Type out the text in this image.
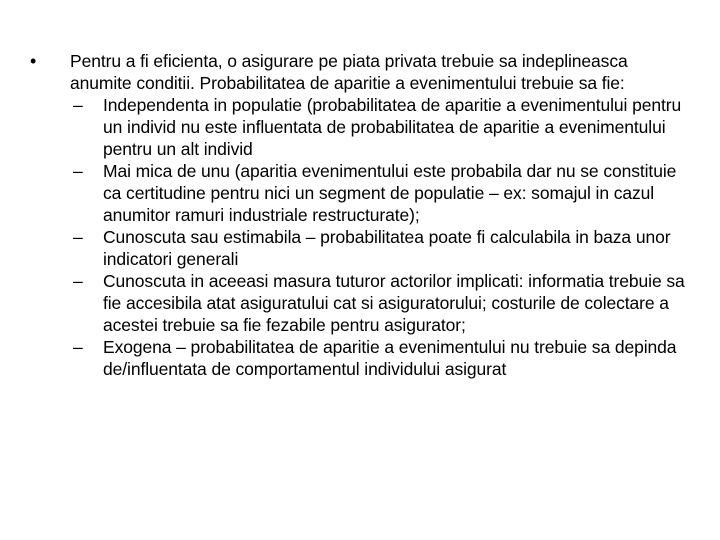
• Pentru a fi eficienta, o asigurare pe piata privata trebuie sa indeplineasca anumite conditii. Probabilitatea de aparitie a evenimentului trebuie sa fie:
– Independenta in populatie (probabilitatea de aparitie a evenimentului pentru un individ nu este influentata de probabilitatea de aparitie a evenimentului pentru un alt individ
– Mai mica de unu (aparitia evenimentului este probabila dar nu se constituie ca certitudine pentru nici un segment de populatie – ex: somajul in cazul anumitor ramuri industriale restructurate);
– Cunoscuta sau estimabila – probabilitatea poate fi calculabila in baza unor indicatori generali
– Cunoscuta in aceeasi masura tuturor actorilor implicati: informatia trebuie sa fie accesibila atat asiguratului cat si asiguratorului; costurile de colectare a acestei trebuie sa fie fezabile pentru asigurator;
– Exogena – probabilitatea de aparitie a evenimentului nu trebuie sa depinda de/influentata de comportamentul individului asigurat
